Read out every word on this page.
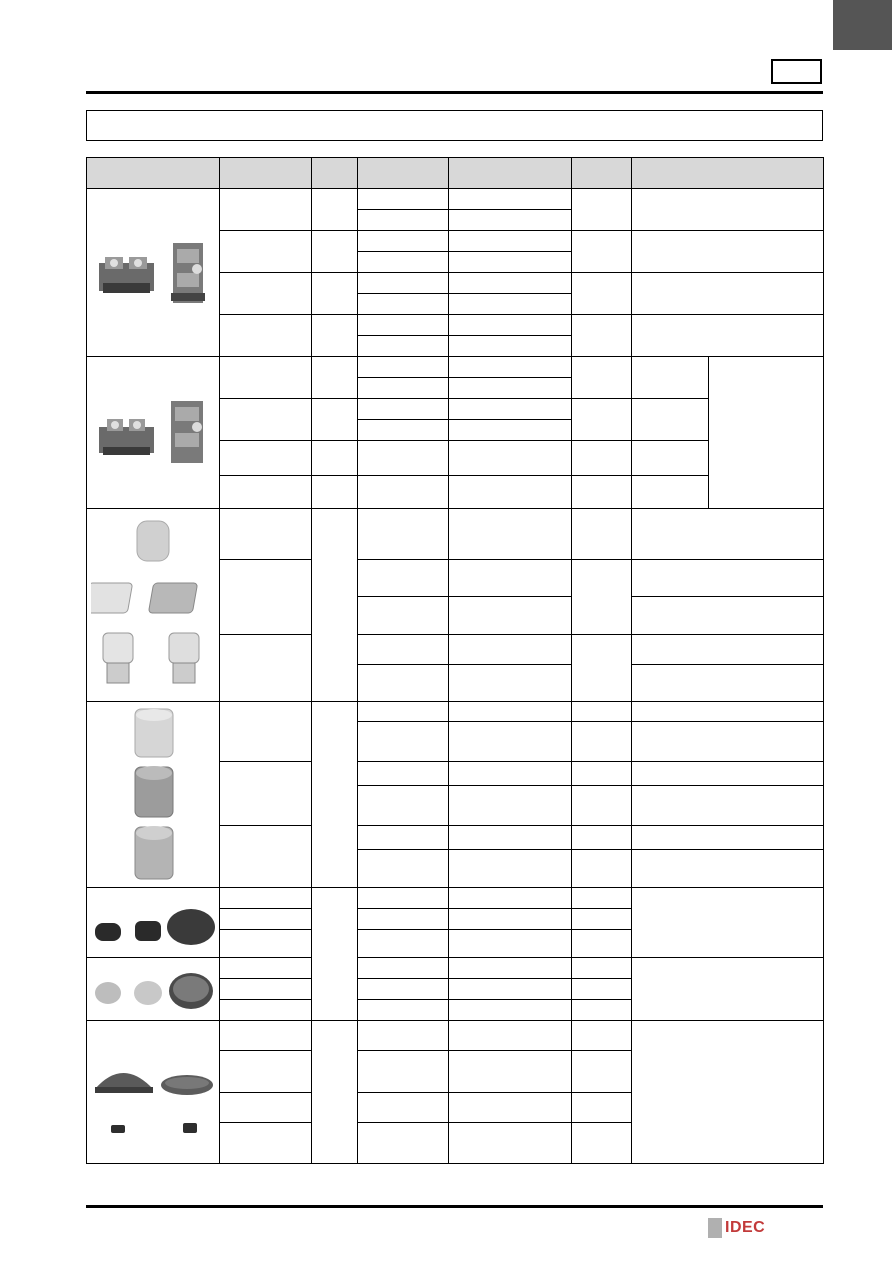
IDEC
